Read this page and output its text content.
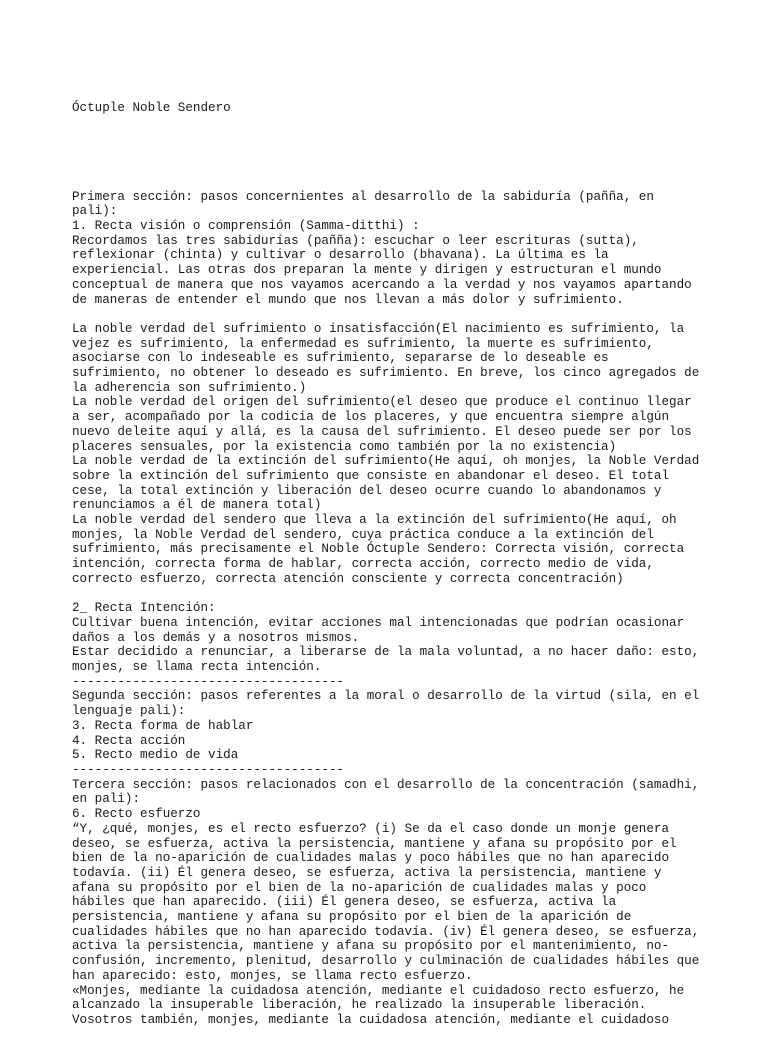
Óctuple Noble Sendero

Primera sección: pasos concernientes al desarrollo de la sabiduría (pañña, en
pali):
1. Recta visión o comprensión (Samma-ditthi) :
Recordamos las tres sabidurías (pañña): escuchar o leer escrituras (sutta),
reflexionar (chinta) y cultivar o desarrollo (bhavana). La última es la
experiencial. Las otras dos preparan la mente y dirigen y estructuran el mundo
conceptual de manera que nos vayamos acercando a la verdad y nos vayamos apartando
de maneras de entender el mundo que nos llevan a más dolor y sufrimiento.
La noble verdad del sufrimiento o insatisfacción(El nacimiento es sufrimiento, la
vejez es sufrimiento, la enfermedad es sufrimiento, la muerte es sufrimiento,
asociarse con lo indeseable es sufrimiento, separarse de lo deseable es
sufrimiento, no obtener lo deseado es sufrimiento. En breve, los cinco agregados de
la adherencia son sufrimiento.)
La noble verdad del origen del sufrimiento(el deseo que produce el continuo llegar
a ser, acompañado por la codicia de los placeres, y que encuentra siempre algún
nuevo deleite aquí y allá, es la causa del sufrimiento. El deseo puede ser por los
placeres sensuales, por la existencia como también por la no existencia)
La noble verdad de la extinción del sufrimiento(He aquí, oh monjes, la Noble Verdad
sobre la extinción del sufrimiento que consiste en abandonar el deseo. El total
cese, la total extinción y liberación del deseo ocurre cuando lo abandonamos y
renunciamos a él de manera total)
La noble verdad del sendero que lleva a la extinción del sufrimiento(He aquí, oh
monjes, la Noble Verdad del sendero, cuya práctica conduce a la extinción del
sufrimiento, más precisamente el Noble Óctuple Sendero: Correcta visión, correcta
intención, correcta forma de hablar, correcta acción, correcto medio de vida,
correcto esfuerzo, correcta atención consciente y correcta concentración)
2_ Recta Intención:
Cultivar buena intención, evitar acciones mal intencionadas que podrían ocasionar
daños a los demás y a nosotros mismos.
Estar decidido a renunciar, a liberarse de la mala voluntad, a no hacer daño: esto,
monjes, se llama recta intención.
------------------------------------
Segunda sección: pasos referentes a la moral o desarrollo de la virtud (sila, en el
lenguaje pali):
3. Recta forma de hablar
4. Recta acción
5. Recto medio de vida
------------------------------------
Tercera sección: pasos relacionados con el desarrollo de la concentración (samadhi,
en pali):
6. Recto esfuerzo
“Y, ¿qué, monjes, es el recto esfuerzo? (i) Se da el caso donde un monje genera
deseo, se esfuerza, activa la persistencia, mantiene y afana su propósito por el
bien de la no-aparición de cualidades malas y poco hábiles que no han aparecido
todavía. (ii) Él genera deseo, se esfuerza, activa la persistencia, mantiene y
afana su propósito por el bien de la no-aparición de cualidades malas y poco
hábiles que han aparecido. (iii) Él genera deseo, se esfuerza, activa la
persistencia, mantiene y afana su propósito por el bien de la aparición de
cualidades hábiles que no han aparecido todavía. (iv) Él genera deseo, se esfuerza,
activa la persistencia, mantiene y afana su propósito por el mantenimiento, no-
confusión, incremento, plenitud, desarrollo y culminación de cualidades hábiles que
han aparecido: esto, monjes, se llama recto esfuerzo.
«Monjes, mediante la cuidadosa atención, mediante el cuidadoso recto esfuerzo, he
alcanzado la insuperable liberación, he realizado la insuperable liberación.
Vosotros también, monjes, mediante la cuidadosa atención, mediante el cuidadoso
